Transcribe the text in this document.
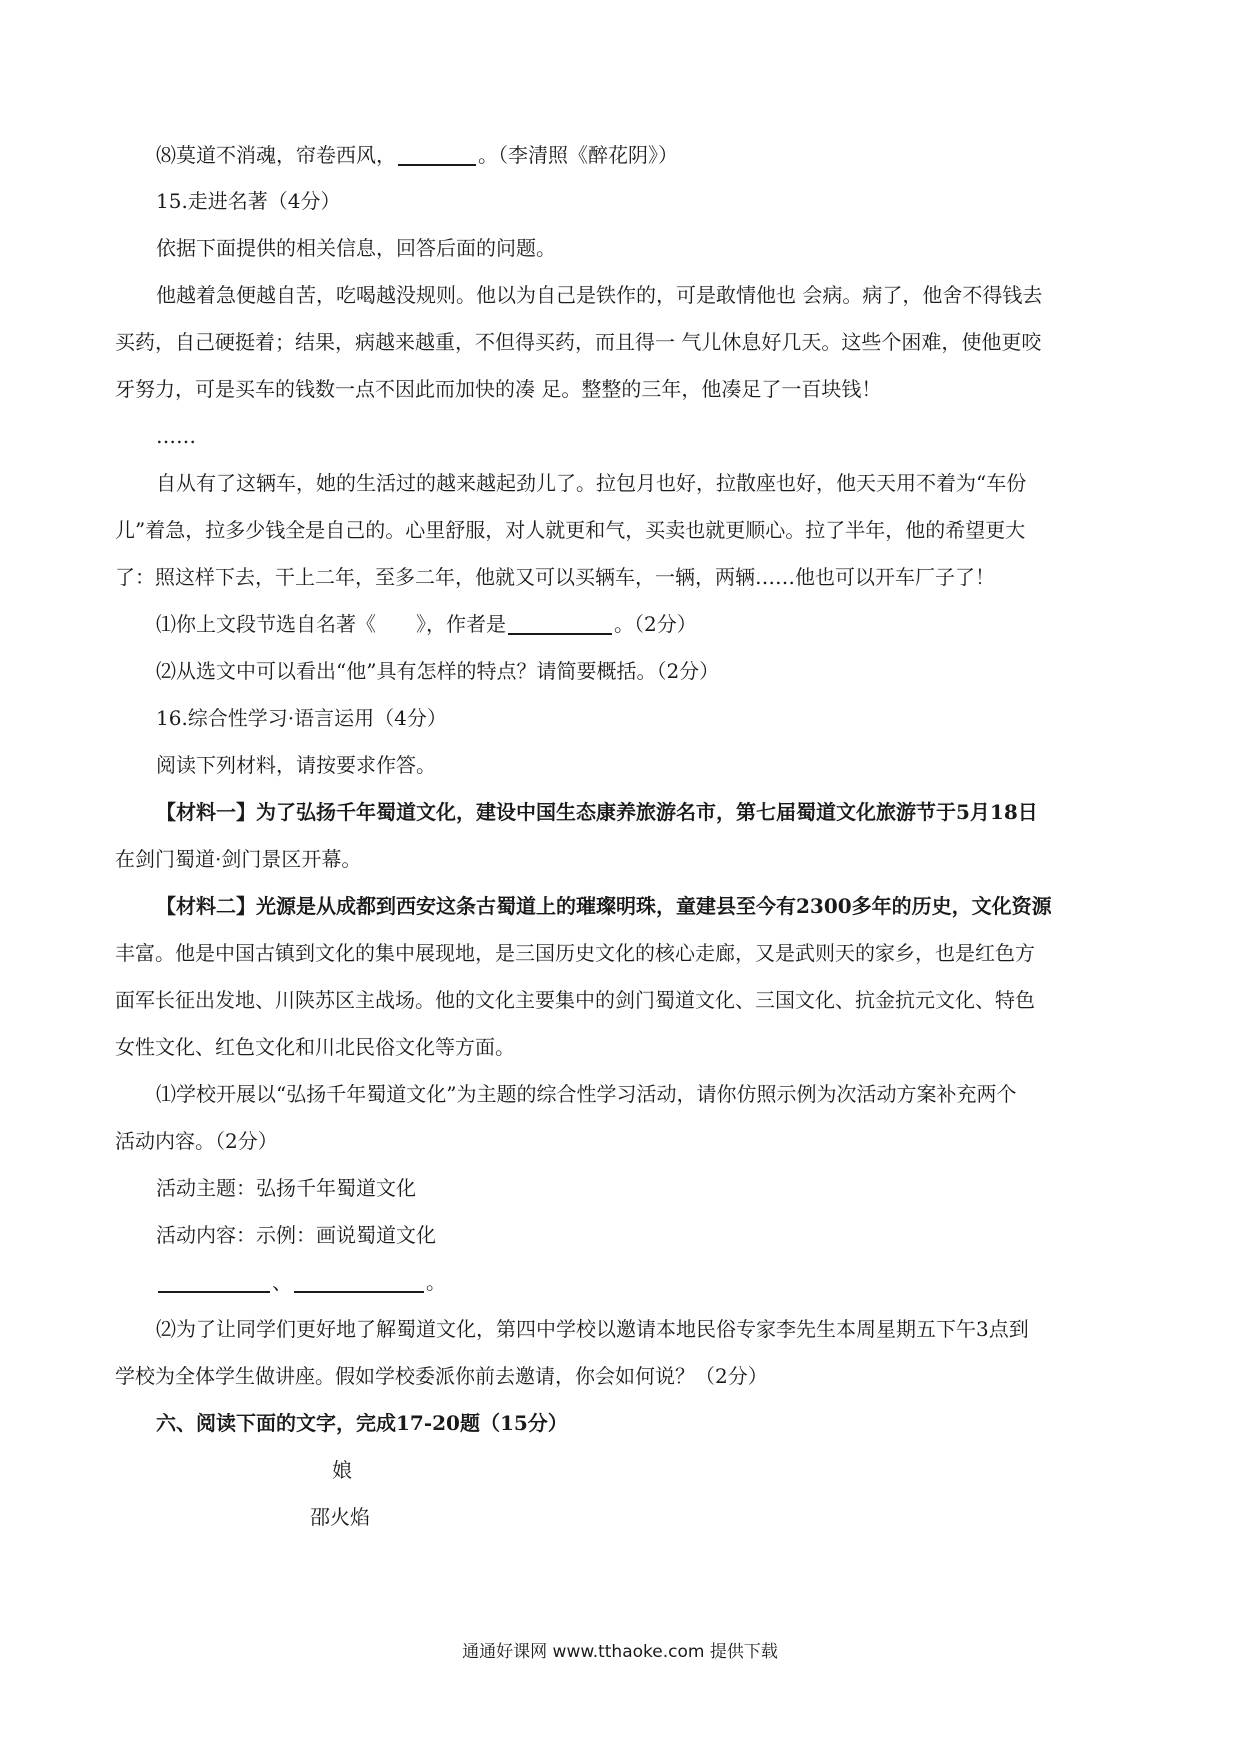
⑻莫道不消魂，帘卷西风，	。（李清照《醉花阴》）
15.走进名著（4分）
依据下面提供的相关信息，回答后面的问题。
他越着急便越自苦，吃喝越没规则。他以为自己是铁作的，可是敢情他也 会病。病了，他舍不得钱去
买药，自己硬挺着；结果，病越来越重，不但得买药，而且得一 气儿休息好几天。这些个困难，使他更咬
牙努力，可是买车的钱数一点不因此而加快的凑 足。整整的三年，他凑足了一百块钱！
……
自从有了这辆车，她的生活过的越来越起劲儿了。拉包月也好，拉散座也好，他天天用不着为“车份
儿”着急，拉多少钱全是自己的。心里舒服，对人就更和气，买卖也就更顺心。拉了半年，他的希望更大
了：照这样下去，干上二年，至多二年，他就又可以买辆车，一辆，两辆……他也可以开车厂子了！
⑴你上文段节选自名著《　　》，作者是	。（2分）
⑵从选文中可以看出“他”具有怎样的特点？请简要概括。（2分）
16.综合性学习·语言运用（4分）
阅读下列材料，请按要求作答。
【材料一】为了弘扬千年蜀道文化，建设中国生态康养旅游名市，第七届蜀道文化旅游节于5月18日
在剑门蜀道·剑门景区开幕。
【材料二】光源是从成都到西安这条古蜀道上的璀璨明珠，童建县至今有2300多年的历史，文化资源
丰富。他是中国古镇到文化的集中展现地，是三国历史文化的核心走廊，又是武则天的家乡，也是红色方
面军长征出发地、川陕苏区主战场。他的文化主要集中的剑门蜀道文化、三国文化、抗金抗元文化、特色
女性文化、红色文化和川北民俗文化等方面。
⑴学校开展以“弘扬千年蜀道文化”为主题的综合性学习活动，请你仿照示例为次活动方案补充两个
活动内容。（2分）
活动主题：弘扬千年蜀道文化
活动内容：示例：画说蜀道文化
、	。
⑵为了让同学们更好地了解蜀道文化，第四中学校以邀请本地民俗专家李先生本周星期五下午3点到
学校为全体学生做讲座。假如学校委派你前去邀请，你会如何说？（2分）
六、阅读下面的文字，完成17-20题（15分）
娘
邵火焰
通通好课网 www.tthaoke.com 提供下载
